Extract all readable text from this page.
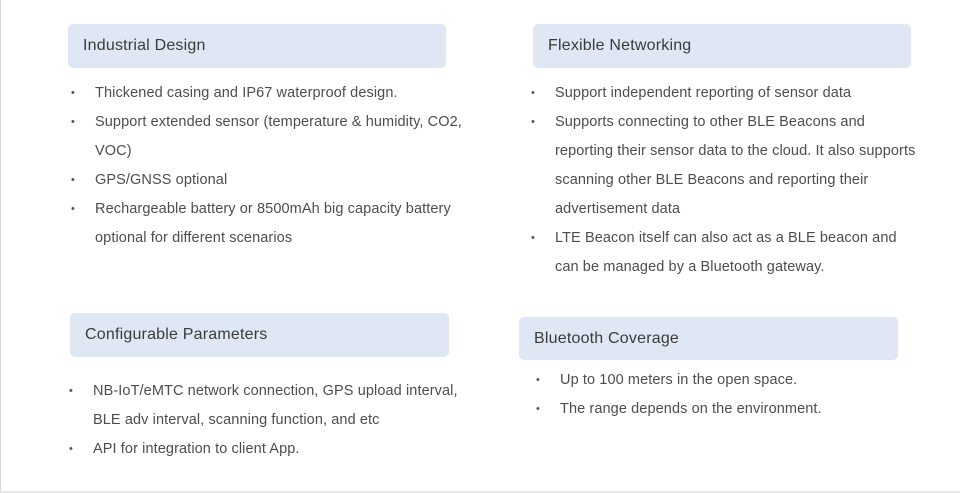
Industrial Design
• Thickened casing and IP67 waterproof design.
• Support extended sensor (temperature & humidity, CO2, VOC)
• GPS/GNSS optional
• Rechargeable battery or 8500mAh big capacity battery optional for different scenarios
Flexible Networking
• Support independent reporting of sensor data
• Supports connecting to other BLE Beacons and reporting their sensor data to the cloud. It also supports scanning other BLE Beacons and reporting their advertisement data
• LTE Beacon itself can also act as a BLE beacon and can be managed by a Bluetooth gateway.
Configurable Parameters
• NB-IoT/eMTC network connection, GPS upload interval, BLE adv interval, scanning function, and etc
• API for integration to client App.
Bluetooth Coverage
• Up to 100 meters in the open space.
• The range depends on the environment.
